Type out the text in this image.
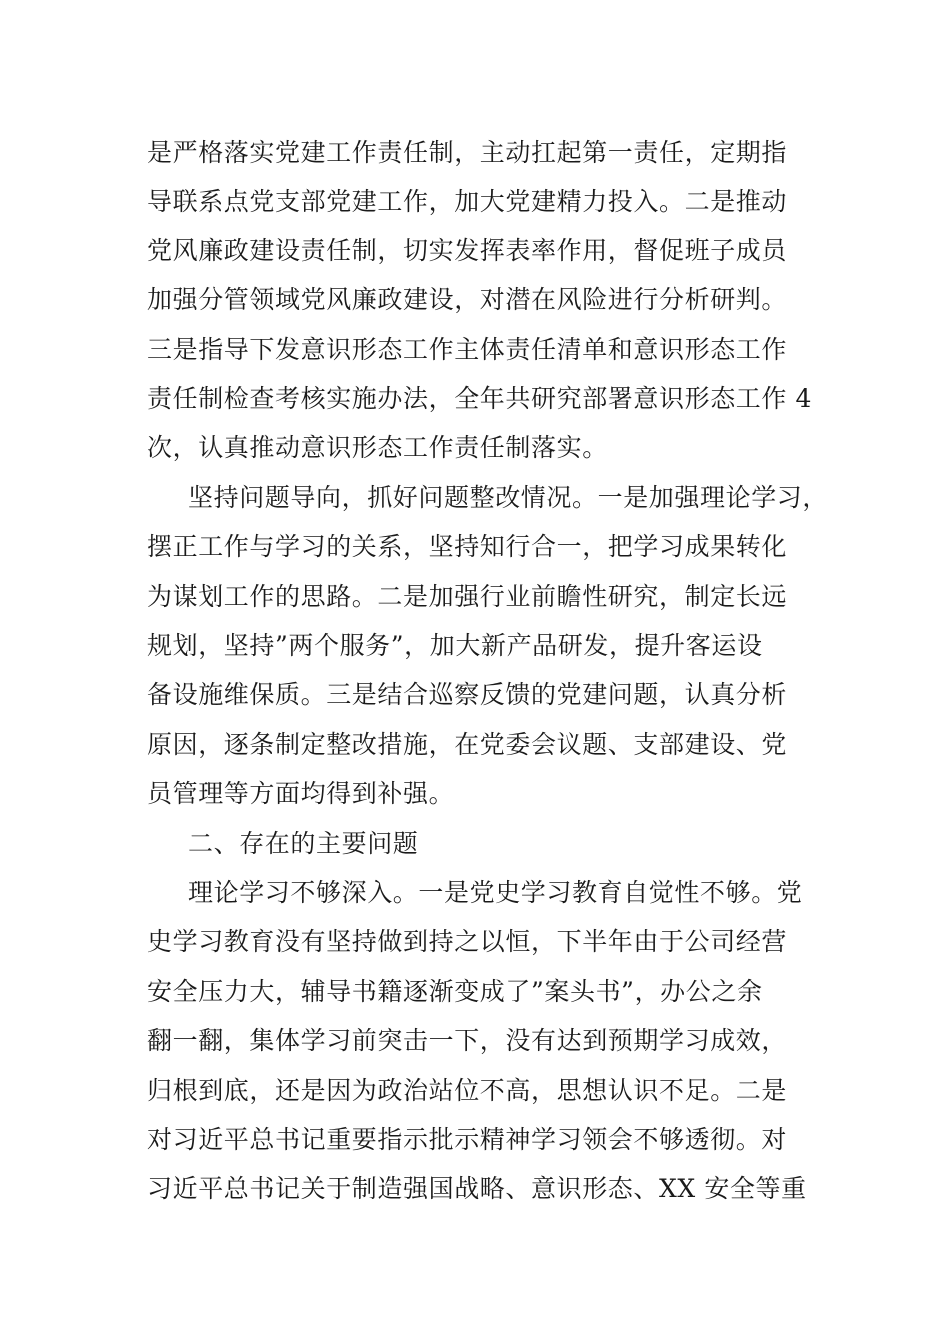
是严格落实党建工作责任制，主动扛起第一责任，定期指
导联系点党支部党建工作，加大党建精力投入。二是推动
党风廉政建设责任制，切实发挥表率作用，督促班子成员
加强分管领域党风廉政建设，对潜在风险进行分析研判。
三是指导下发意识形态工作主体责任清单和意识形态工作
责任制检查考核实施办法，全年共研究部署意识形态工作 4
次，认真推动意识形态工作责任制落实。
坚持问题导向，抓好问题整改情况。一是加强理论学习，
摆正工作与学习的关系，坚持知行合一，把学习成果转化
为谋划工作的思路。二是加强行业前瞻性研究，制定长远
规划，坚持”两个服务”，加大新产品研发，提升客运设
备设施维保质。三是结合巡察反馈的党建问题，认真分析
原因，逐条制定整改措施，在党委会议题、支部建设、党
员管理等方面均得到补强。
二、存在的主要问题
理论学习不够深入。一是党史学习教育自觉性不够。党
史学习教育没有坚持做到持之以恒，下半年由于公司经营
安全压力大，辅导书籍逐渐变成了”案头书”，办公之余
翻一翻，集体学习前突击一下，没有达到预期学习成效，
归根到底，还是因为政治站位不高，思想认识不足。二是
对习近平总书记重要指示批示精神学习领会不够透彻。对
习近平总书记关于制造强国战略、意识形态、XX 安全等重
